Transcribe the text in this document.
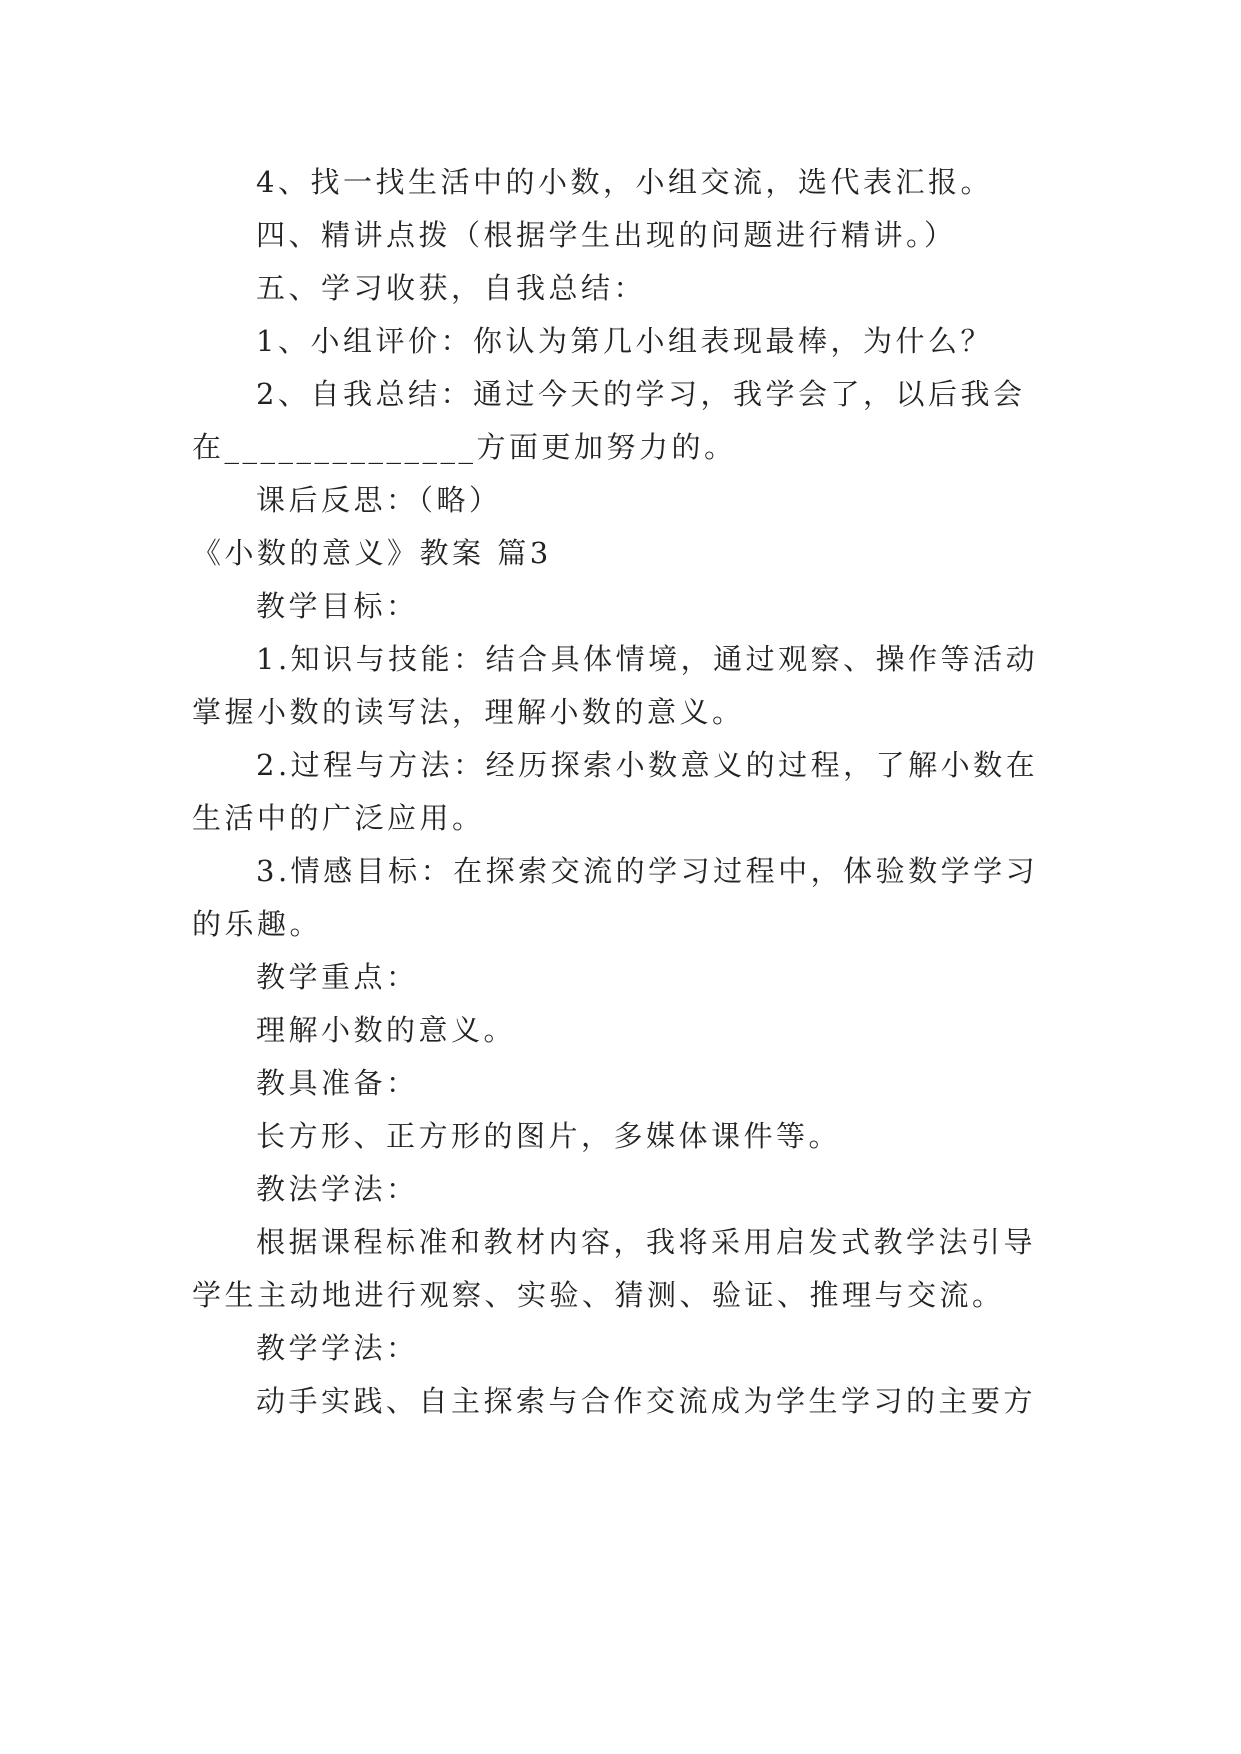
4、找一找生活中的小数，小组交流，选代表汇报。
四、精讲点拨（根据学生出现的问题进行精讲。）
五、学习收获，自我总结：
1、小组评价：你认为第几小组表现最棒，为什么？
2、自我总结：通过今天的学习，我学会了，以后我会
在______________方面更加努力的。
课后反思：（略）
《小数的意义》教案 篇3
教学目标：
1.知识与技能：结合具体情境，通过观察、操作等活动
掌握小数的读写法，理解小数的意义。
2.过程与方法：经历探索小数意义的过程，了解小数在
生活中的广泛应用。
3.情感目标：在探索交流的学习过程中，体验数学学习
的乐趣。
教学重点：
理解小数的意义。
教具准备：
长方形、正方形的图片，多媒体课件等。
教法学法：
根据课程标准和教材内容，我将采用启发式教学法引导
学生主动地进行观察、实验、猜测、验证、推理与交流。
教学学法：
动手实践、自主探索与合作交流成为学生学习的主要方
